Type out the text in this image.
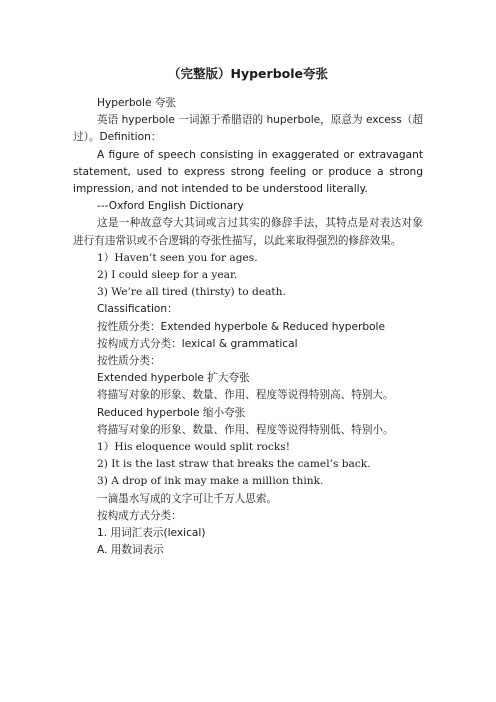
（完整版）Hyperbole夸张

Hyperbole 夸张

英语 hyperbole 一词源于希腊语的 huperbole，原意为 excess（超过）。Definition：

A figure of speech consisting in exaggerated or extravagant statement, used to express strong feeling or produce a strong impression, and not intended to be understood literally.

---Oxford English Dictionary

这是一种故意夸大其词或言过其实的修辞手法，其特点是对表达对象进行有违常识或不合逻辑的夸张性描写，以此来取得强烈的修辞效果。

1）Haven’t seen you for ages.

2) I could sleep for a year.

3) We’re all tired (thirsty) to death.

Classification：

按性质分类：Extended hyperbole & Reduced hyperbole

按构成方式分类：lexical & grammatical

按性质分类：

Extended hyperbole 扩大夸张

将描写对象的形象、数量、作用、程度等说得特别高、特别大。

Reduced hyperbole 缩小夸张

将描写对象的形象、数量、作用、程度等说得特别低、特别小。

1）His eloquence would split rocks!

2) It is the last straw that breaks the camel’s back.

3) A drop of ink may make a million think.

一滴墨水写成的文字可让千万人思索。

按构成方式分类：

1. 用词汇表示(lexical)

A. 用数词表示
